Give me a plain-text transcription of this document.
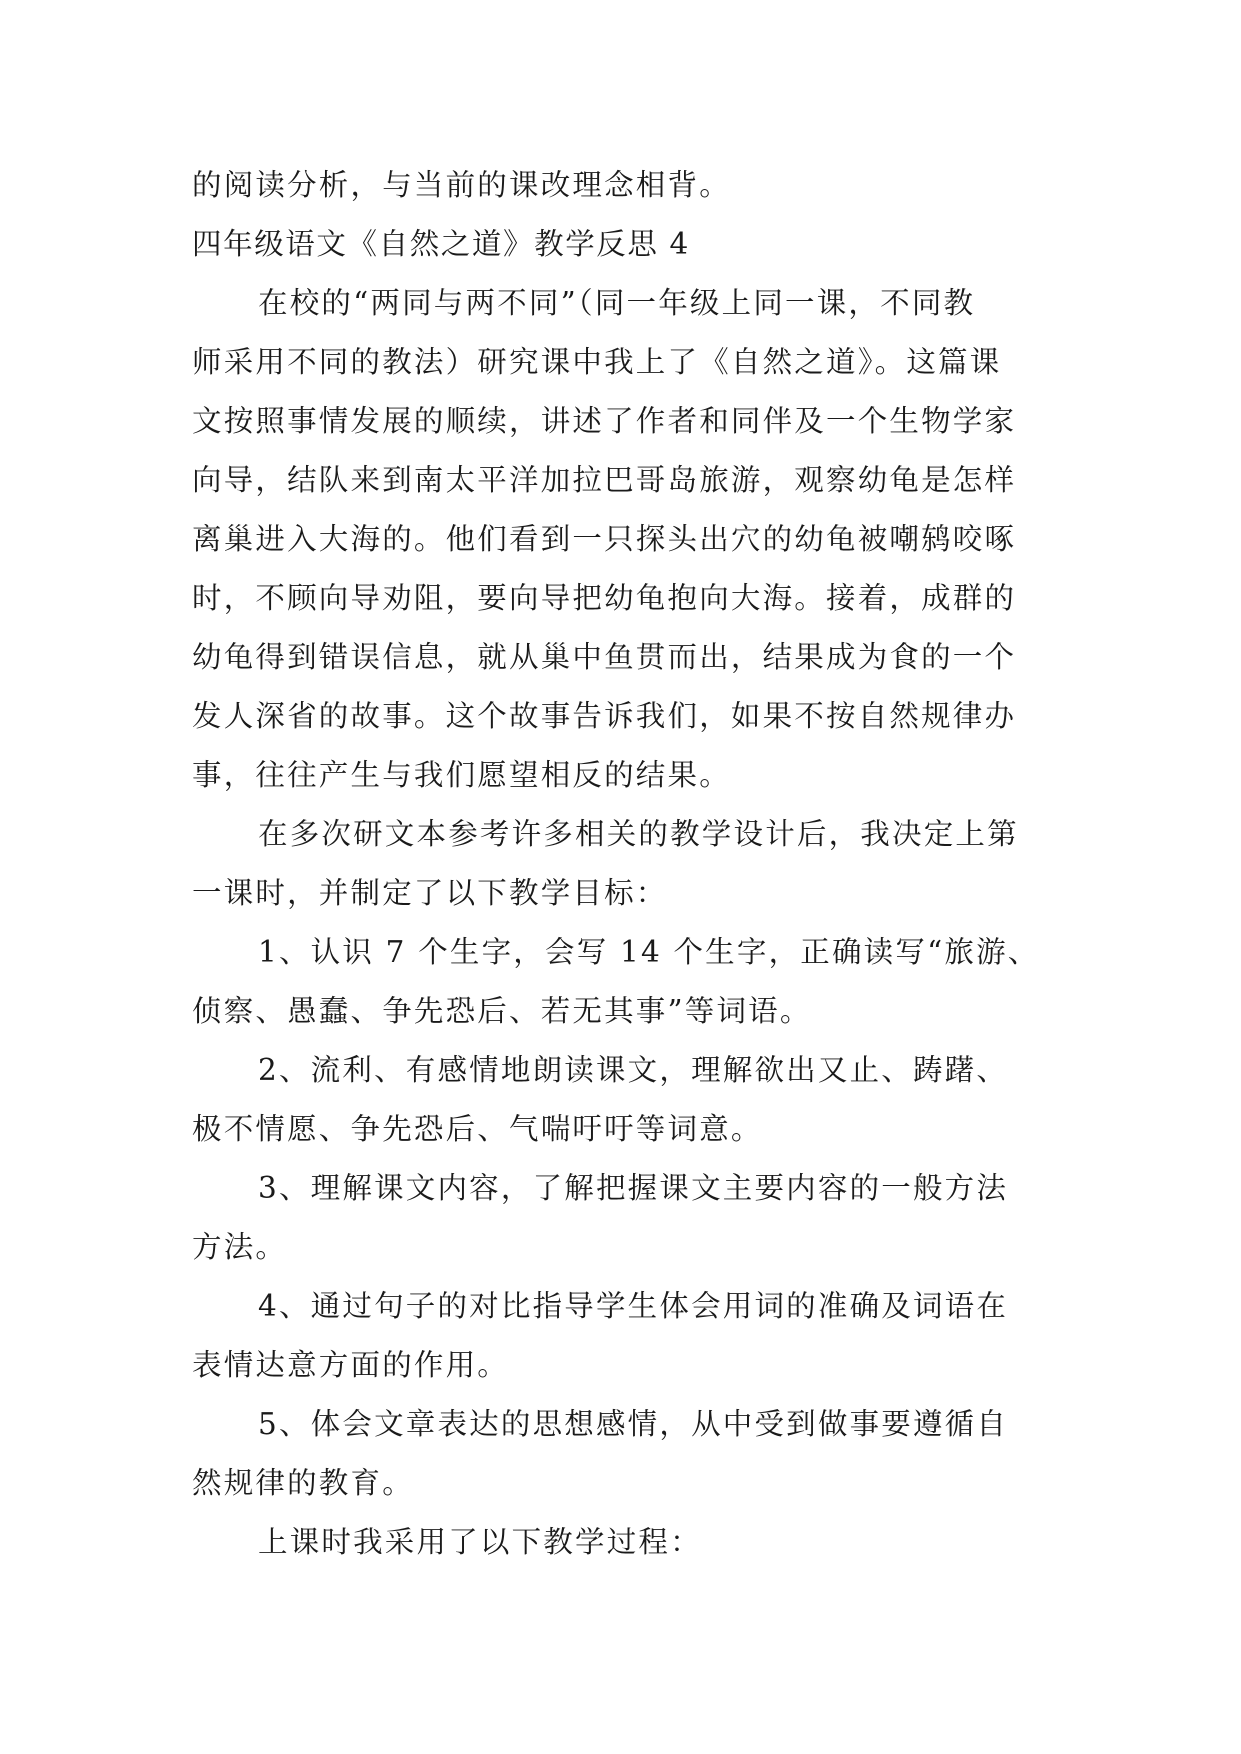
的阅读分析，与当前的课改理念相背。
四年级语文《自然之道》教学反思 4
在校的“两同与两不同”（同一年级上同一课，不同教
师采用不同的教法）研究课中我上了《自然之道》。这篇课
文按照事情发展的顺续，讲述了作者和同伴及一个生物学家
向导，结队来到南太平洋加拉巴哥岛旅游，观察幼龟是怎样
离巢进入大海的。他们看到一只探头出穴的幼龟被嘲鸫咬啄
时，不顾向导劝阻，要向导把幼龟抱向大海。接着，成群的
幼龟得到错误信息，就从巢中鱼贯而出，结果成为食的一个
发人深省的故事。这个故事告诉我们，如果不按自然规律办
事，往往产生与我们愿望相反的结果。
在多次研文本参考许多相关的教学设计后，我决定上第
一课时，并制定了以下教学目标：
1、认识 7 个生字，会写 14 个生字，正确读写“旅游、
侦察、愚蠢、争先恐后、若无其事”等词语。
2、流利、有感情地朗读课文，理解欲出又止、踌躇、
极不情愿、争先恐后、气喘吁吁等词意。
3、理解课文内容，了解把握课文主要内容的一般方法
方法。
4、通过句子的对比指导学生体会用词的准确及词语在
表情达意方面的作用。
5、体会文章表达的思想感情，从中受到做事要遵循自
然规律的教育。
上课时我采用了以下教学过程：
